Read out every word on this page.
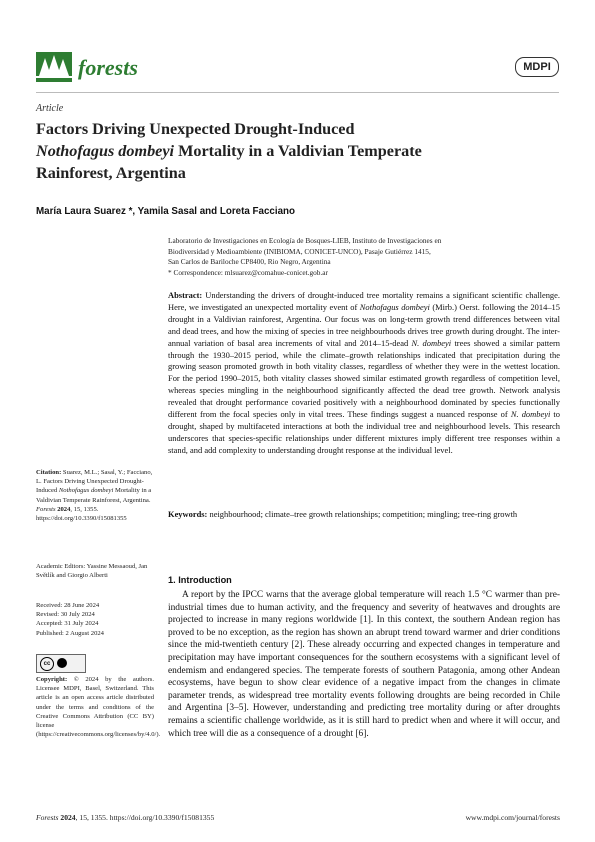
forests	MDPI
Article
Factors Driving Unexpected Drought-Induced
Nothofagus dombeyi Mortality in a Valdivian Temperate
Rainforest, Argentina
María Laura Suarez *, Yamila Sasal and Loreta Facciano
Laboratorio de Investigaciones en Ecología de Bosques-LIEB, Instituto de Investigaciones en
Biodiversidad y Medioambiente (INIBIOMA, CONICET-UNCO), Pasaje Gutiérrez 1415,
San Carlos de Bariloche CP8400, Rio Negro, Argentina
* Correspondence: mlsuarez@comahue-conicet.gob.ar
Abstract: Understanding the drivers of drought-induced tree mortality remains a significant scientific challenge. Here, we investigated an unexpected mortality event of Nothofagus dombeyi (Mirb.) Oerst. following the 2014–15 drought in a Valdivian rainforest, Argentina. Our focus was on long-term growth trend differences between vital and dead trees, and how the mixing of species in tree neighbourhoods drives tree growth during drought. The inter-annual variation of basal area increments of vital and 2014–15-dead N. dombeyi trees showed a similar pattern through the 1930–2015 period, while the climate–growth relationships indicated that precipitation during the growing season promoted growth in both vitality classes, regardless of whether they were in the wettest location. For the period 1990–2015, both vitality classes showed similar estimated growth regardless of competition level, whereas species mingling in the neighbourhood significantly affected the dead tree growth. Network analysis revealed that drought performance covaried positively with a neighbourhood dominated by species functionally different from the focal species only in vital trees. These findings suggest a nuanced response of N. dombeyi to drought, shaped by multifaceted interactions at both the individual tree and neighbourhood levels. This research underscores that species-specific relationships under different mixtures imply different tree responses within a stand, and add complexity to understanding drought response at the individual level.
Keywords: neighbourhood; climate–tree growth relationships; competition; mingling; tree-ring growth
1. Introduction
A report by the IPCC warns that the average global temperature will reach 1.5 °C warmer than pre-industrial times due to human activity, and the frequency and severity of heatwaves and droughts are projected to increase in many regions worldwide [1]. In this context, the southern Andean region has proved to be no exception, as the region has shown an abrupt trend toward warmer and drier conditions since the mid-twentieth century [2]. These already occurring and expected changes in temperature and precipitation may have important consequences for the southern ecosystems with a significant level of endemism and endangered species. The temperate forests of southern Patagonia, among other Andean ecosystems, have begun to show clear evidence of a negative impact from the changes in climate parameter trends, as widespread tree mortality events following droughts are being recorded in Chile and Argentina [3–5]. However, understanding and predicting tree mortality during or after droughts remains a scientific challenge worldwide, as it is still hard to predict when and where it will occur, and which tree will die as a consequence of a drought [6].
Citation: Suarez, M.L.; Sasal, Y.; Facciano, L. Factors Driving Unexpected Drought-Induced Nothofagus dombeyi Mortality in a Valdivian Temperate Rainforest, Argentina. Forests 2024, 15, 1355. https://doi.org/10.3390/f15081355
Academic Editors: Yassine Messaoud, Jan Světlík and Giorgio Alberti
Received: 28 June 2024
Revised: 30 July 2024
Accepted: 31 July 2024
Published: 2 August 2024
cc
Copyright: © 2024 by the authors. Licensee MDPI, Basel, Switzerland. This article is an open access article distributed under the terms and conditions of the Creative Commons Attribution (CC BY) license (https://creativecommons.org/licenses/by/4.0/).
Forests 2024, 15, 1355. https://doi.org/10.3390/f15081355	www.mdpi.com/journal/forests
